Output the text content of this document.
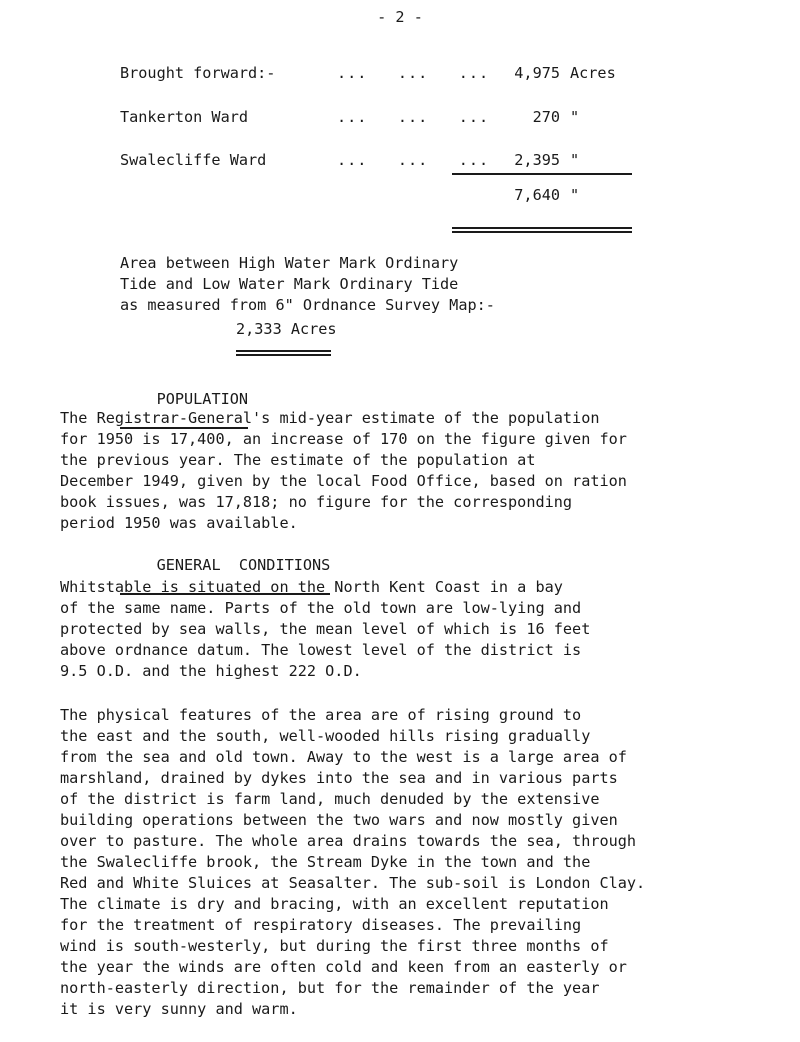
- 2 -
Brought forward:-	...   ...   ...	4,975 Acres
Tankerton Ward	...   ...   ...	270 "
Swalecliffe Ward	...   ...   ...	2,395 "
7,640 "
Area between High Water Mark Ordinary
Tide and Low Water Mark Ordinary Tide
as measured from 6" Ordnance Survey Map:-
2,333 Acres

POPULATION

The Registrar-General's mid-year estimate of the population
for 1950 is 17,400, an increase of 170 on the figure given for
the previous year. The estimate of the population at
December 1949, given by the local Food Office, based on ration
book issues, was 17,818; no figure for the corresponding
period 1950 was available.

GENERAL  CONDITIONS

Whitstable is situated on the North Kent Coast in a bay
of the same name. Parts of the old town are low-lying and
protected by sea walls, the mean level of which is 16 feet
above ordnance datum. The lowest level of the district is
9.5 O.D. and the highest 222 O.D.
The physical features of the area are of rising ground to
the east and the south, well-wooded hills rising gradually
from the sea and old town. Away to the west is a large area of
marshland, drained by dykes into the sea and in various parts
of the district is farm land, much denuded by the extensive
building operations between the two wars and now mostly given
over to pasture. The whole area drains towards the sea, through
the Swalecliffe brook, the Stream Dyke in the town and the
Red and White Sluices at Seasalter. The sub-soil is London Clay.
The climate is dry and bracing, with an excellent reputation
for the treatment of respiratory diseases. The prevailing
wind is south-westerly, but during the first three months of
the year the winds are often cold and keen from an easterly or
north-easterly direction, but for the remainder of the year
it is very sunny and warm.
